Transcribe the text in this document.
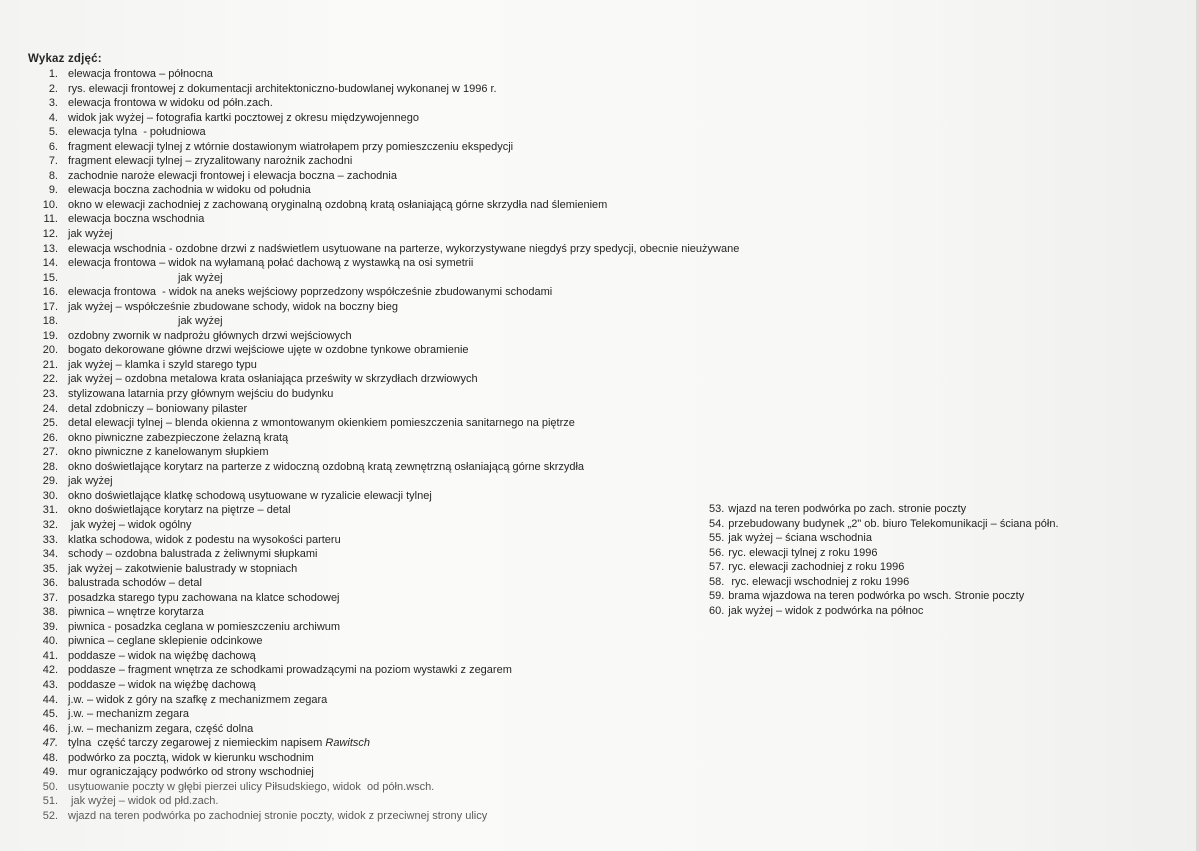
Wykaz zdjęć:
1. elewacja frontowa – północna
2. rys. elewacji frontowej z dokumentacji architektoniczno-budowlanej wykonanej w 1996 r.
3. elewacja frontowa w widoku od półn.zach.
4. widok jak wyżej – fotografia kartki pocztowej z okresu międzywojennego
5. elewacja tylna  - południowa
6. fragment elewacji tylnej z wtórnie dostawionym wiatrołapem przy pomieszczeniu ekspedycji
7. fragment elewacji tylnej – zryzalitowany narożnik zachodni
8. zachodnie naroże elewacji frontowej i elewacja boczna – zachodnia
9. elewacja boczna zachodnia w widoku od południa
10. okno w elewacji zachodniej z zachowaną oryginalną ozdobną kratą osłaniającą górne skrzydła nad ślemieniem
11. elewacja boczna wschodnia
12. jak wyżej
13. elewacja wschodnia - ozdobne drzwi z nadświetlem usytuowane na parterze, wykorzystywane niegdyś przy spedycji, obecnie nieużywane
14. elewacja frontowa – widok na wyłamaną połać dachową z wystawką na osi symetrii
15.	jak wyżej
16. elewacja frontowa  - widok na aneks wejściowy poprzedzony współcześnie zbudowanymi schodami
17. jak wyżej – współcześnie zbudowane schody, widok na boczny bieg
18.	jak wyżej
19. ozdobny zwornik w nadprożu głównych drzwi wejściowych
20. bogato dekorowane główne drzwi wejściowe ujęte w ozdobne tynkowe obramienie
21. jak wyżej – klamka i szyld starego typu
22. jak wyżej – ozdobna metalowa krata osłaniająca prześwity w skrzydłach drzwiowych
23. stylizowana latarnia przy głównym wejściu do budynku
24. detal zdobniczy – boniowany pilaster
25. detal elewacji tylnej – blenda okienna z wmontowanym okienkiem pomieszczenia sanitarnego na piętrze
26. okno piwniczne zabezpieczone żelazną kratą
27. okno piwniczne z kanelowanym słupkiem
28. okno doświetlające korytarz na parterze z widoczną ozdobną kratą zewnętrzną osłaniającą górne skrzydła
29. jak wyżej
30. okno doświetlające klatkę schodową usytuowane w ryzalicie elewacji tylnej
31. okno doświetlające korytarz na piętrze – detal
32. jak wyżej – widok ogólny
33. klatka schodowa, widok z podestu na wysokości parteru
34. schody – ozdobna balustrada z żeliwnymi słupkami
35. jak wyżej – zakotwienie balustrady w stopniach
36. balustrada schodów – detal
37. posadzka starego typu zachowana na klatce schodowej
38. piwnica – wnętrze korytarza
39. piwnica - posadzka ceglana w pomieszczeniu archiwum
40. piwnica – ceglane sklepienie odcinkowe
41. poddasze – widok na więźbę dachową
42. poddasze – fragment wnętrza ze schodkami prowadzącymi na poziom wystawki z zegarem
43. poddasze – widok na więźbę dachową
44. j.w. – widok z góry na szafkę z mechanizmem zegara
45. j.w. – mechanizm zegara
46. j.w. – mechanizm zegara, część dolna
47. tylna  część tarczy zegarowej z niemieckim napisem Rawitsch
48. podwórko za pocztą, widok w kierunku wschodnim
49. mur ograniczający podwórko od strony wschodniej
50. usytuowanie poczty w głębi pierzei ulicy Piłsudskiego, widok  od półn.wsch.
51. jak wyżej – widok od płd.zach.
52. wjazd na teren podwórka po zachodniej stronie poczty, widok z przeciwnej strony ulicy
53. wjazd na teren podwórka po zach. stronie poczty
54. przebudowany budynek „2" ob. biuro Telekomunikacji – ściana półn.
55. jak wyżej – ściana wschodnia
56. ryc. elewacji tylnej z roku 1996
57. ryc. elewacji zachodniej z roku 1996
58. ryc. elewacji wschodniej z roku 1996
59. brama wjazdowa na teren podwórka po wsch. Stronie poczty
60. jak wyżej – widok z podwórka na północ
